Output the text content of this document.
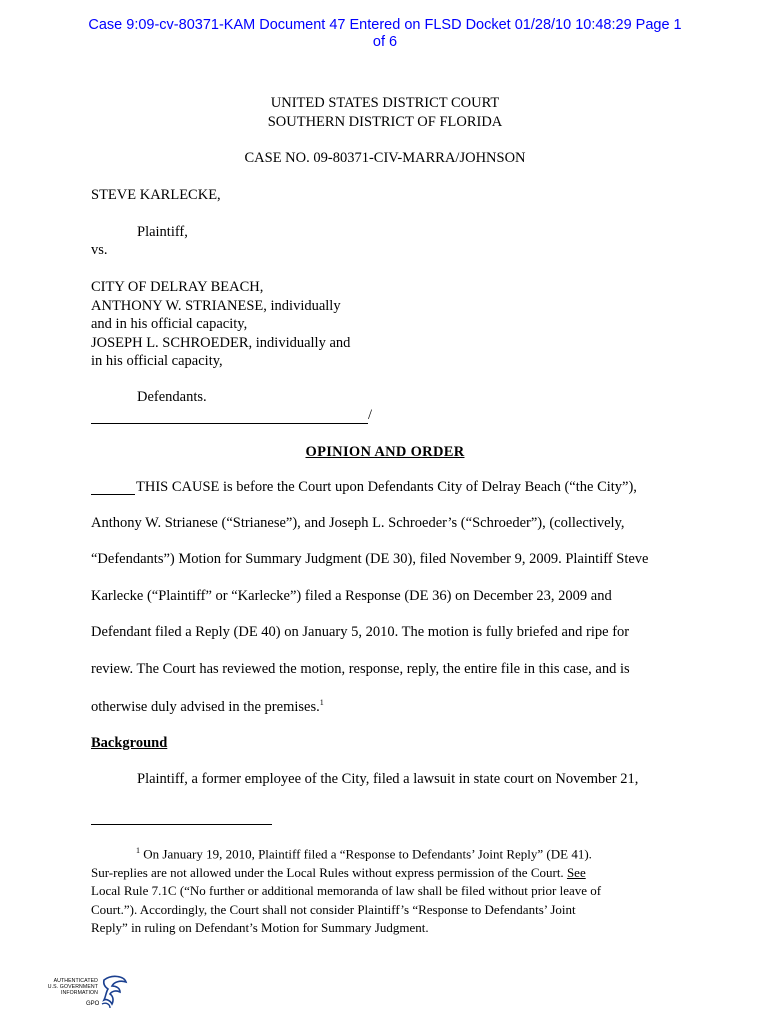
Case 9:09-cv-80371-KAM Document 47 Entered on FLSD Docket 01/28/10 10:48:29 Page 1
of 6
UNITED STATES DISTRICT COURT
SOUTHERN DISTRICT OF FLORIDA
CASE NO. 09-80371-CIV-MARRA/JOHNSON
STEVE KARLECKE,
Plaintiff,
vs.
CITY OF DELRAY BEACH,
ANTHONY W. STRIANESE, individually
and in his official capacity,
JOSEPH L. SCHROEDER, individually and
in his official capacity,
Defendants.
/
OPINION AND ORDER
THIS CAUSE is before the Court upon Defendants City of Delray Beach (“the City”),
Anthony W. Strianese (“Strianese”), and Joseph L. Schroeder’s (“Schroeder”), (collectively,
“Defendants”) Motion for Summary Judgment (DE 30), filed November 9, 2009. Plaintiff Steve
Karlecke (“Plaintiff” or “Karlecke”) filed a Response (DE 36) on December 23, 2009 and
Defendant filed a Reply (DE 40) on January 5, 2010. The motion is fully briefed and ripe for
review. The Court has reviewed the motion, response, reply, the entire file in this case, and is
otherwise duly advised in the premises.$^1$
Background
Plaintiff, a former employee of the City, filed a lawsuit in state court on November 21,
$^1$ On January 19, 2010, Plaintiff filed a “Response to Defendants’ Joint Reply” (DE 41).
Sur-replies are not allowed under the Local Rules without express permission of the Court. See
Local Rule 7.1C (“No further or additional memoranda of law shall be filed without prior leave of
Court.”). Accordingly, the Court shall not consider Plaintiff’s “Response to Defendants’ Joint
Reply” in ruling on Defendant’s Motion for Summary Judgment.
AUTHENTICATED
U.S. GOVERNMENT
INFORMATION
GPO
